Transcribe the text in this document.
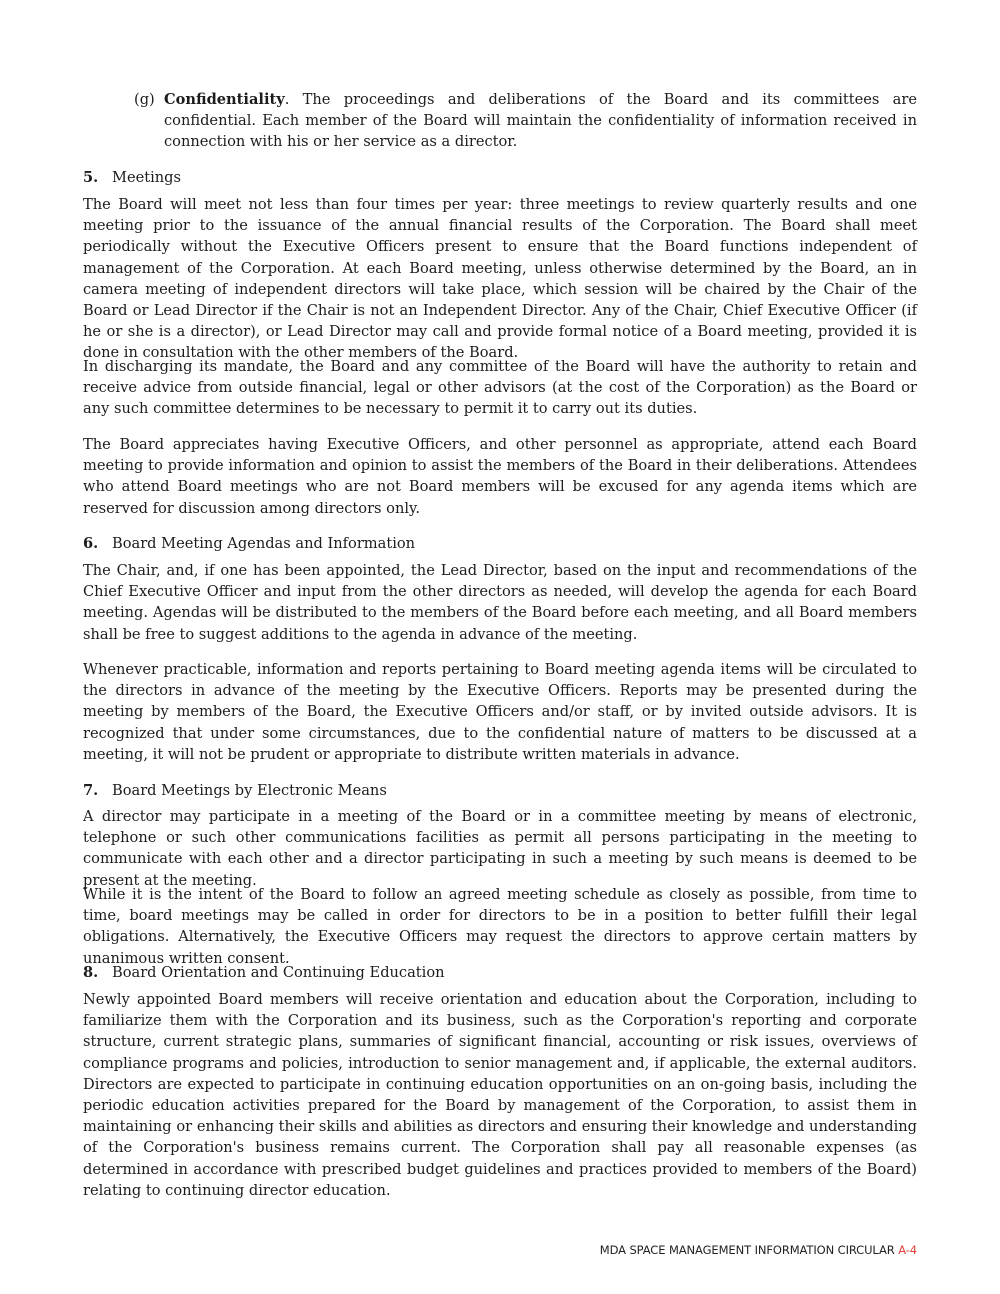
(g) Confidentiality. The proceedings and deliberations of the Board and its committees are confidential. Each member of the Board will maintain the confidentiality of information received in connection with his or her service as a director.

5. Meetings

The Board will meet not less than four times per year: three meetings to review quarterly results and one meeting prior to the issuance of the annual financial results of the Corporation. The Board shall meet periodically without the Executive Officers present to ensure that the Board functions independent of management of the Corporation. At each Board meeting, unless otherwise determined by the Board, an in camera meeting of independent directors will take place, which session will be chaired by the Chair of the Board or Lead Director if the Chair is not an Independent Director. Any of the Chair, Chief Executive Officer (if he or she is a director), or Lead Director may call and provide formal notice of a Board meeting, provided it is done in consultation with the other members of the Board.

In discharging its mandate, the Board and any committee of the Board will have the authority to retain and receive advice from outside financial, legal or other advisors (at the cost of the Corporation) as the Board or any such committee determines to be necessary to permit it to carry out its duties.

The Board appreciates having Executive Officers, and other personnel as appropriate, attend each Board meeting to provide information and opinion to assist the members of the Board in their deliberations. Attendees who attend Board meetings who are not Board members will be excused for any agenda items which are reserved for discussion among directors only.

6. Board Meeting Agendas and Information

The Chair, and, if one has been appointed, the Lead Director, based on the input and recommendations of the Chief Executive Officer and input from the other directors as needed, will develop the agenda for each Board meeting. Agendas will be distributed to the members of the Board before each meeting, and all Board members shall be free to suggest additions to the agenda in advance of the meeting.

Whenever practicable, information and reports pertaining to Board meeting agenda items will be circulated to the directors in advance of the meeting by the Executive Officers. Reports may be presented during the meeting by members of the Board, the Executive Officers and/or staff, or by invited outside advisors. It is recognized that under some circumstances, due to the confidential nature of matters to be discussed at a meeting, it will not be prudent or appropriate to distribute written materials in advance.

7. Board Meetings by Electronic Means

A director may participate in a meeting of the Board or in a committee meeting by means of electronic, telephone or such other communications facilities as permit all persons participating in the meeting to communicate with each other and a director participating in such a meeting by such means is deemed to be present at the meeting.

While it is the intent of the Board to follow an agreed meeting schedule as closely as possible, from time to time, board meetings may be called in order for directors to be in a position to better fulfill their legal obligations. Alternatively, the Executive Officers may request the directors to approve certain matters by unanimous written consent.

8. Board Orientation and Continuing Education

Newly appointed Board members will receive orientation and education about the Corporation, including to familiarize them with the Corporation and its business, such as the Corporation's reporting and corporate structure, current strategic plans, summaries of significant financial, accounting or risk issues, overviews of compliance programs and policies, introduction to senior management and, if applicable, the external auditors. Directors are expected to participate in continuing education opportunities on an on-going basis, including the periodic education activities prepared for the Board by management of the Corporation, to assist them in maintaining or enhancing their skills and abilities as directors and ensuring their knowledge and understanding of the Corporation's business remains current. The Corporation shall pay all reasonable expenses (as determined in accordance with prescribed budget guidelines and practices provided to members of the Board) relating to continuing director education.

MDA SPACE MANAGEMENT INFORMATION CIRCULAR A-4
